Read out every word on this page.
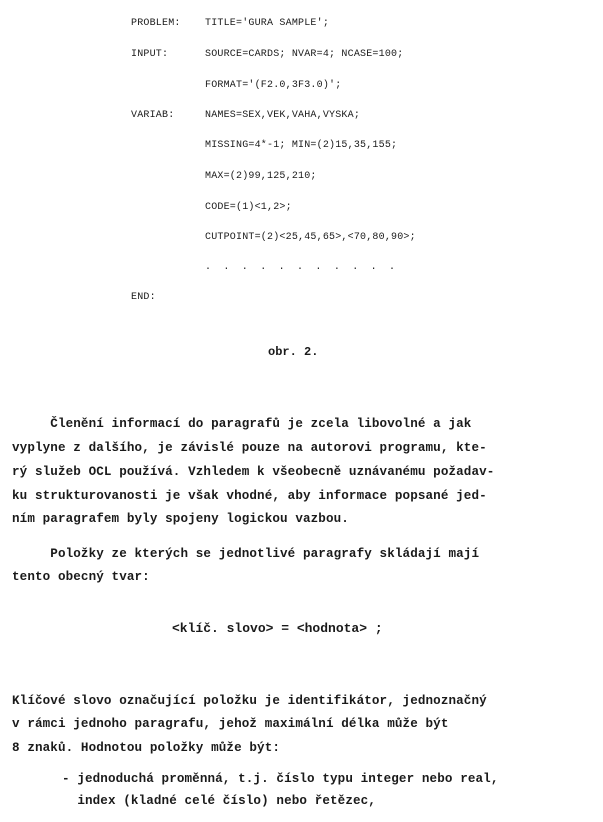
PROBLEM: TITLE='GURA SAMPLE';
INPUT:	SOURCE=CARDS; NVAR=4; NCASE=100;
FORMAT='(F2.0,3F3.0)';
VARIAB:	NAMES=SEX,VEK,VAHA,VYSKA;
MISSING=4*-1; MIN=(2)15,35,155;
MAX=(2)99,125,210;
CODE=(1)<1,2>;
CUTPOINT=(2)<25,45,65>,<70,80,90>;
. . . . . . . . . . .
END:
obr. 2.
Členění informací do paragrafů je zcela libovolné a jak
vyplyne z dalšího, je závislé pouze na autorovi programu, kte-
rý služeb OCL používá. Vzhledem k všeobecně uznávanému požadav-
ku strukturovanosti je však vhodné, aby informace popsané jed-
ním paragrafem byly spojeny logickou vazbou.
Položky ze kterých se jednotlivé paragrafy skládají mají
tento obecný tvar:
<klíč. slovo> = <hodnota> ;
Klíčové slovo označující položku je identifikátor, jednoznačný
v rámci jednoho paragrafu, jehož maximální délka může být
8 znaků. Hodnotou položky může být:
- jednoduchá proměnná, t.j. číslo typu integer nebo real,
index (kladné celé číslo) nebo řetězec,
